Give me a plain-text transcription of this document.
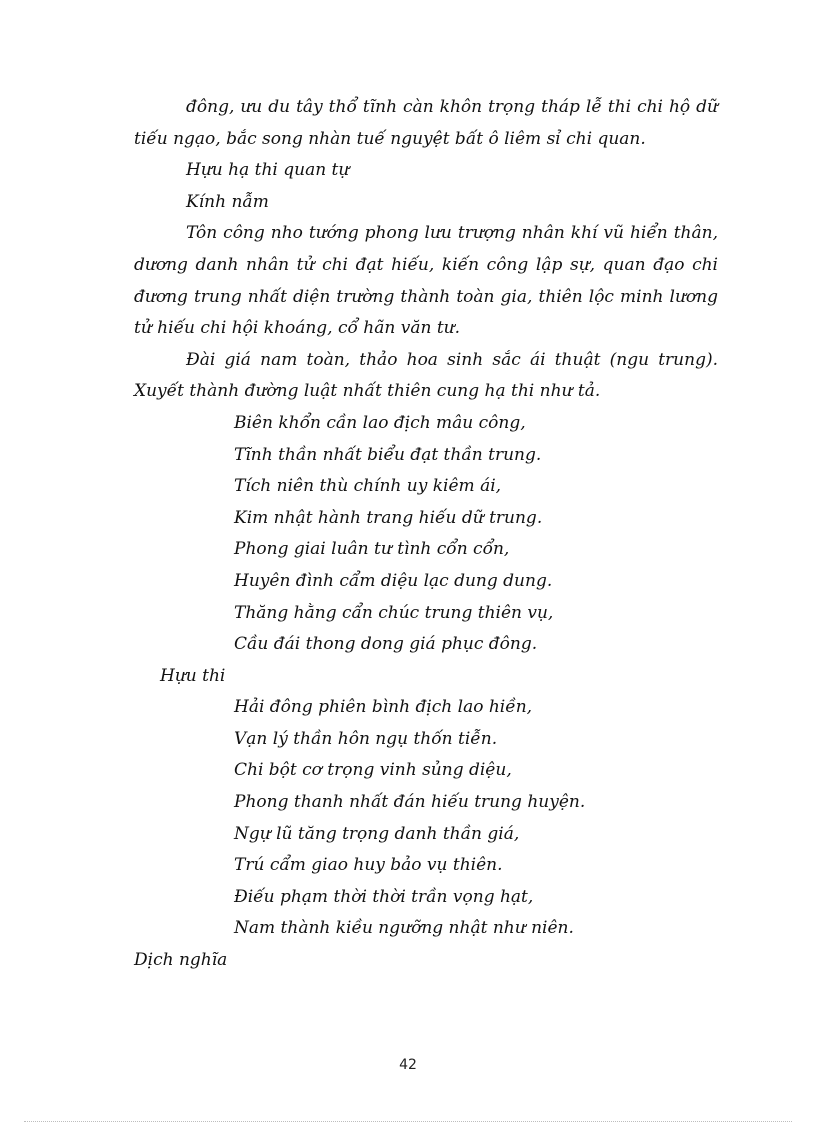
đông, ưu du tây thổ tĩnh càn khôn trọng tháp lễ thi chi hộ dữ tiếu ngạo, bắc song nhàn tuế nguyệt bất ô liêm sỉ chi quan.

Hựu hạ thi quan tự

Kính nẫm

Tôn công nho tướng phong lưu trượng nhân khí vũ hiển thân, dương danh nhân tử chi đạt hiếu, kiến công lập sự, quan đạo chi đương trung nhất diện trường thành toàn gia, thiên lộc minh lương tử hiếu chi hội khoáng, cổ hãn văn tư.

Đài giá nam toàn, thảo hoa sinh sắc ái thuật (ngu trung). Xuyết thành đường luật nhất thiên cung hạ thi như tả.

Biên khổn cần lao địch mâu công,
Tĩnh thần nhất biểu đạt thần trung.
Tích niên thù chính uy kiêm ái,
Kim nhật hành trang hiếu dữ trung.
Phong giai luân tư tình cổn cổn,
Huyên đình cẩm diệu lạc dung dung.
Thăng hằng cẩn chúc trung thiên vụ,
Cầu đái thong dong giá phục đông.

Hựu thi

Hải đông phiên bình địch lao hiền,
Vạn lý thần hôn ngụ thốn tiễn.
Chi bột cơ trọng vinh sủng diệu,
Phong thanh nhất đán hiếu trung huyện.
Ngự lũ tăng trọng danh thần giá,
Trú cẩm giao huy bảo vụ thiên.
Điếu phạm thời thời trần vọng hạt,
Nam thành kiều ngưỡng nhật như niên.

Dịch nghĩa

42
